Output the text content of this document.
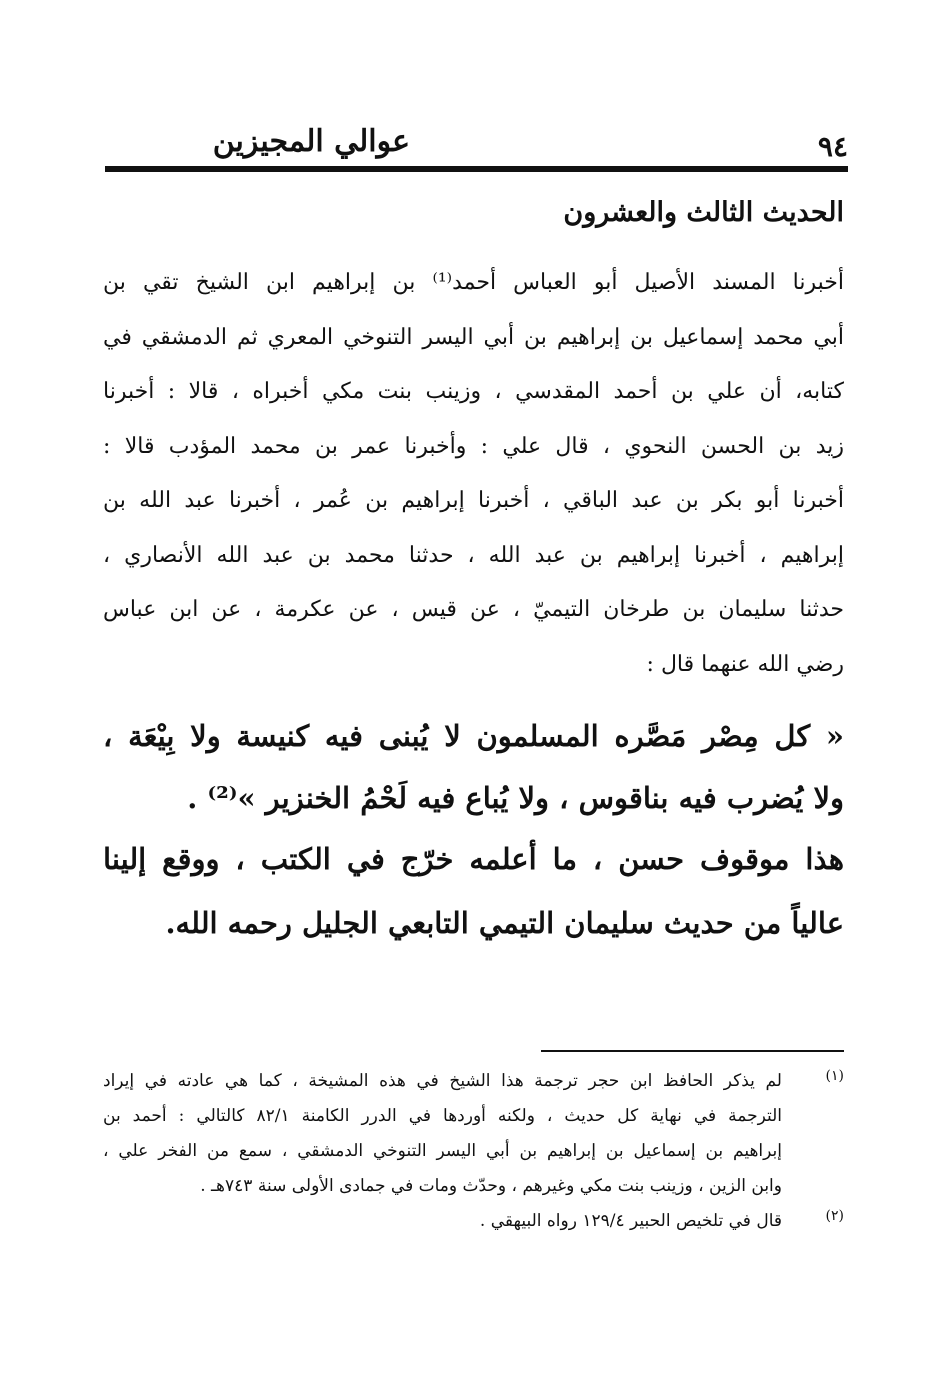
عوالي المجيزين	٩٤
الحديث الثالث والعشرون
أخبرنا المسند الأصيل أبو العباس أحمد⁽¹⁾ بن إبراهيم ابن الشيخ تقي بن
أبي محمد إسماعيل بن إبراهيم بن أبي اليسر التنوخي المعري ثم الدمشقي في
كتابه، أن علي بن أحمد المقدسي ، وزينب بنت مكي أخبراه ، قالا : أخبرنا
زيد بن الحسن النحوي ، قال علي : وأخبرنا عمر بن محمد المؤدب قالا :
أخبرنا أبو بكر بن عبد الباقي ، أخبرنا إبراهيم بن عُمر ، أخبرنا عبد الله بن
إبراهيم ، أخبرنا إبراهيم بن عبد الله ، حدثنا محمد بن عبد الله الأنصاري ،
حدثنا سليمان بن طرخان التيميّ ، عن قيس ، عن عكرمة ، عن ابن عباس
رضي الله عنهما قال :
« كل مِصْر مَصَّره المسلمون لا يُبنى فيه كنيسة ولا بِيْعَة ،
ولا يُضرب فيه بناقوس ، ولا يُباع فيه لَحْمُ الخنزير »⁽²⁾ .
هذا موقوف حسن ، ما أعلمه خرّج في الكتب ، ووقع إلينا
عالياً من حديث سليمان التيمي التابعي الجليل رحمه الله.
(١)
لم يذكر الحافظ ابن حجر ترجمة هذا الشيخ في هذه المشيخة ، كما هي عادته في إيراد
الترجمة في نهاية كل حديث ، ولكنه أوردها في الدرر الكامنة ٨٢/١ كالتالي : أحمد بن
إبراهيم بن إسماعيل بن إبراهيم بن أبي اليسر التنوخي الدمشقي ، سمع من الفخر علي ،
وابن الزين ، وزينب بنت مكي وغيرهم ، وحدّث ومات في جمادى الأولى سنة ٧٤٣هـ .
(٢)
قال في تلخيص الحبير ١٢٩/٤ رواه البيهقي .
